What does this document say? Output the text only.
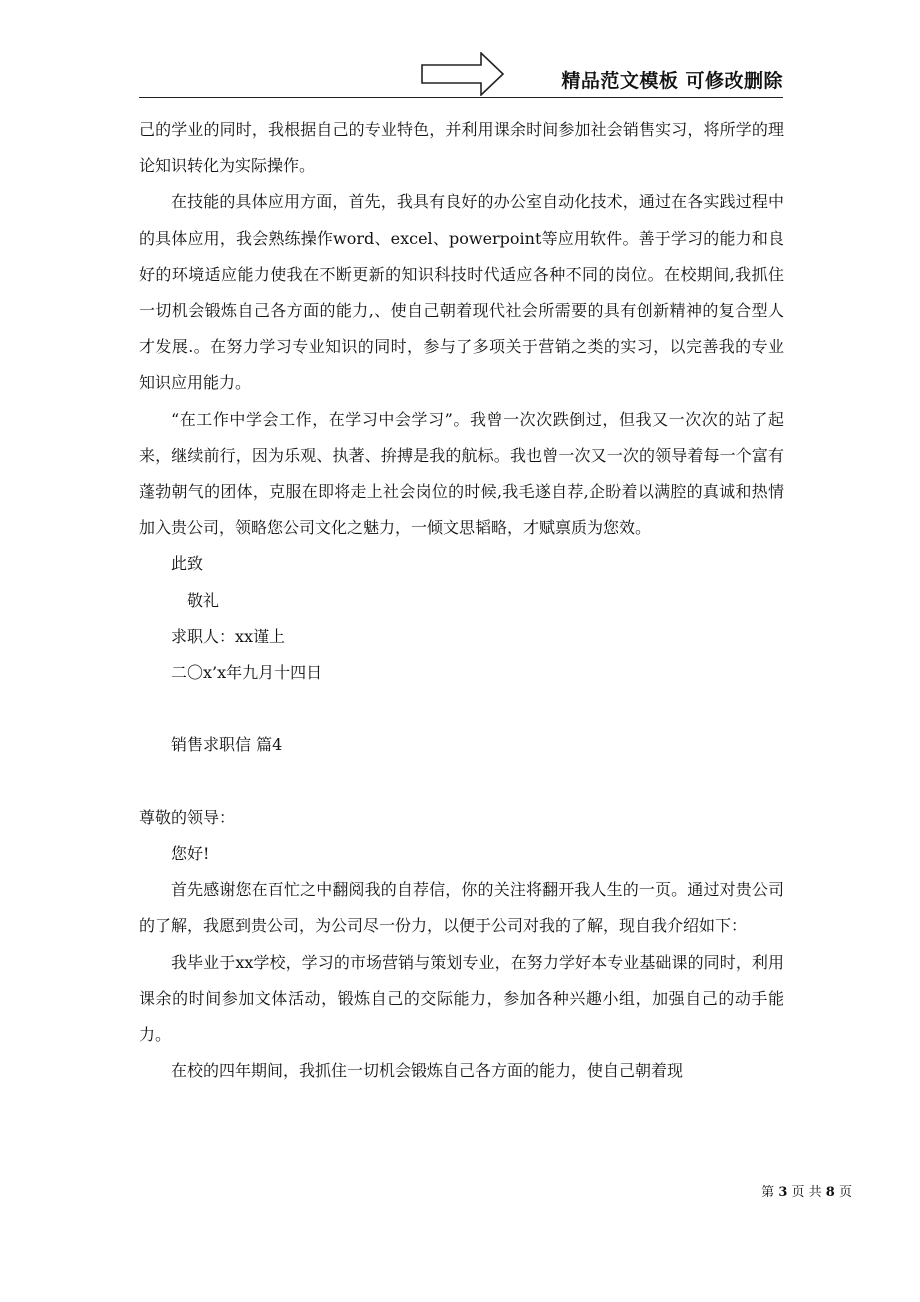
精品范文模板 可修改删除

己的学业的同时，我根据自己的专业特色，并利用课余时间参加社会销售实习，将所学的理论知识转化为实际操作。

在技能的具体应用方面，首先，我具有良好的办公室自动化技术，通过在各实践过程中的具体应用，我会熟练操作word、excel、powerpoint等应用软件。善于学习的能力和良好的环境适应能力使我在不断更新的知识科技时代适应各种不同的岗位。在校期间,我抓住一切机会锻炼自己各方面的能力,、使自己朝着现代社会所需要的具有创新精神的复合型人才发展.。在努力学习专业知识的同时，参与了多项关于营销之类的实习，以完善我的专业知识应用能力。

“在工作中学会工作，在学习中会学习”。我曾一次次跌倒过，但我又一次次的站了起来，继续前行，因为乐观、执著、拚搏是我的航标。我也曾一次又一次的领导着每一个富有蓬勃朝气的团体，克服在即将走上社会岗位的时候,我毛遂自荐,企盼着以满腔的真诚和热情加入贵公司，领略您公司文化之魅力，一倾文思韬略，才赋禀质为您效。

此致

敬礼

求职人：xx谨上

二〇x’x年九月十四日

销售求职信 篇4

尊敬的领导：

您好!

首先感谢您在百忙之中翻阅我的自荐信，你的关注将翻开我人生的一页。通过对贵公司的了解，我愿到贵公司，为公司尽一份力，以便于公司对我的了解，现自我介绍如下：

我毕业于xx学校，学习的市场营销与策划专业，在努力学好本专业基础课的同时，利用课余的时间参加文体活动，锻炼自己的交际能力，参加各种兴趣小组，加强自己的动手能力。

在校的四年期间，我抓住一切机会锻炼自己各方面的能力，使自己朝着现

第 3 页 共 8 页
